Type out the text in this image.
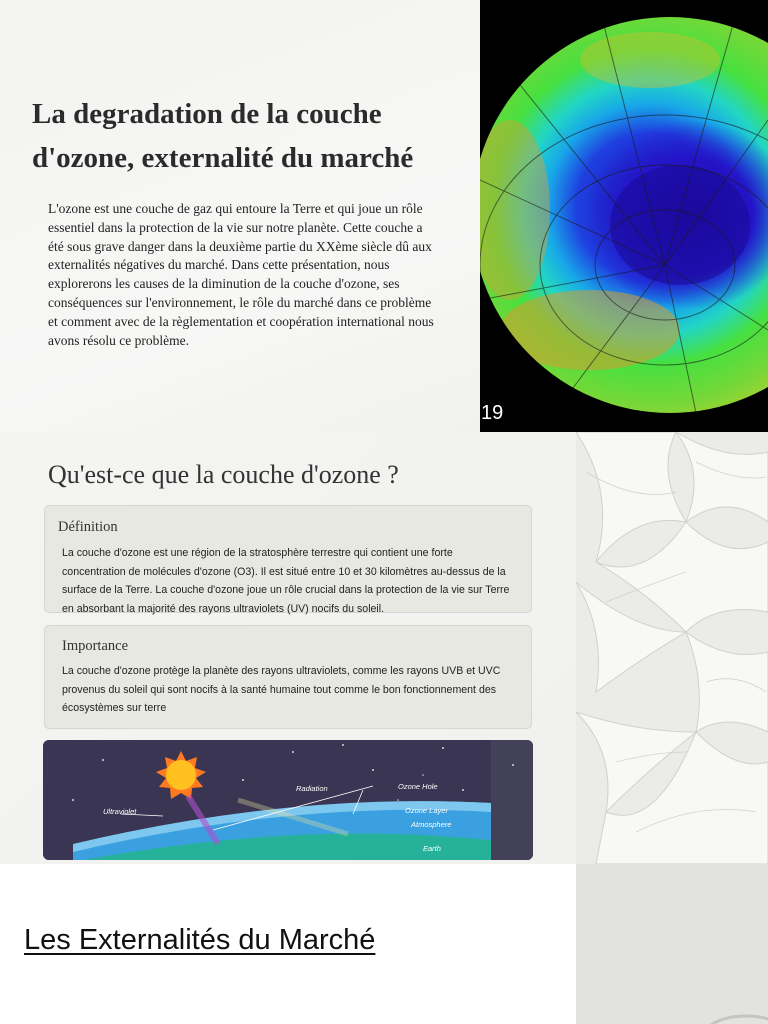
La degradation de la couche d'ozone, externalité du marché

L'ozone est une couche de gaz qui entoure la Terre et qui joue un rôle essentiel dans la protection de la vie sur notre planète. Cette couche a été sous grave danger dans la deuxième partie du XXème siècle dû aux externalités négatives du marché. Dans cette présentation, nous explorerons les causes de la diminution de la couche d'ozone, ses conséquences sur l'environnement, le rôle du marché dans ce problème et comment avec de la règlementation et coopération international nous avons résolu ce problème.

19
Qu'est-ce que la couche d'ozone ?
Définition
La couche d'ozone est une région de la stratosphère terrestre qui contient une forte concentration de molécules d'ozone (O3). Il est situé entre 10 et 30 kilomètres au-dessus de la surface de la Terre. La couche d'ozone joue un rôle crucial dans la protection de la vie sur Terre en absorbant la majorité des rayons ultraviolets (UV) nocifs du soleil.
Importance
La couche d'ozone protège la planète des rayons ultraviolets, comme les rayons UVB et UVC provenus du soleil qui sont nocifs à la santé humaine tout comme le bon fonctionnement des écosystèmes sur terre
Radiation	Ozone Hole
Ultraviolet	Ozone Layer
Atmosphere
Earth
Les Externalités du Marché
